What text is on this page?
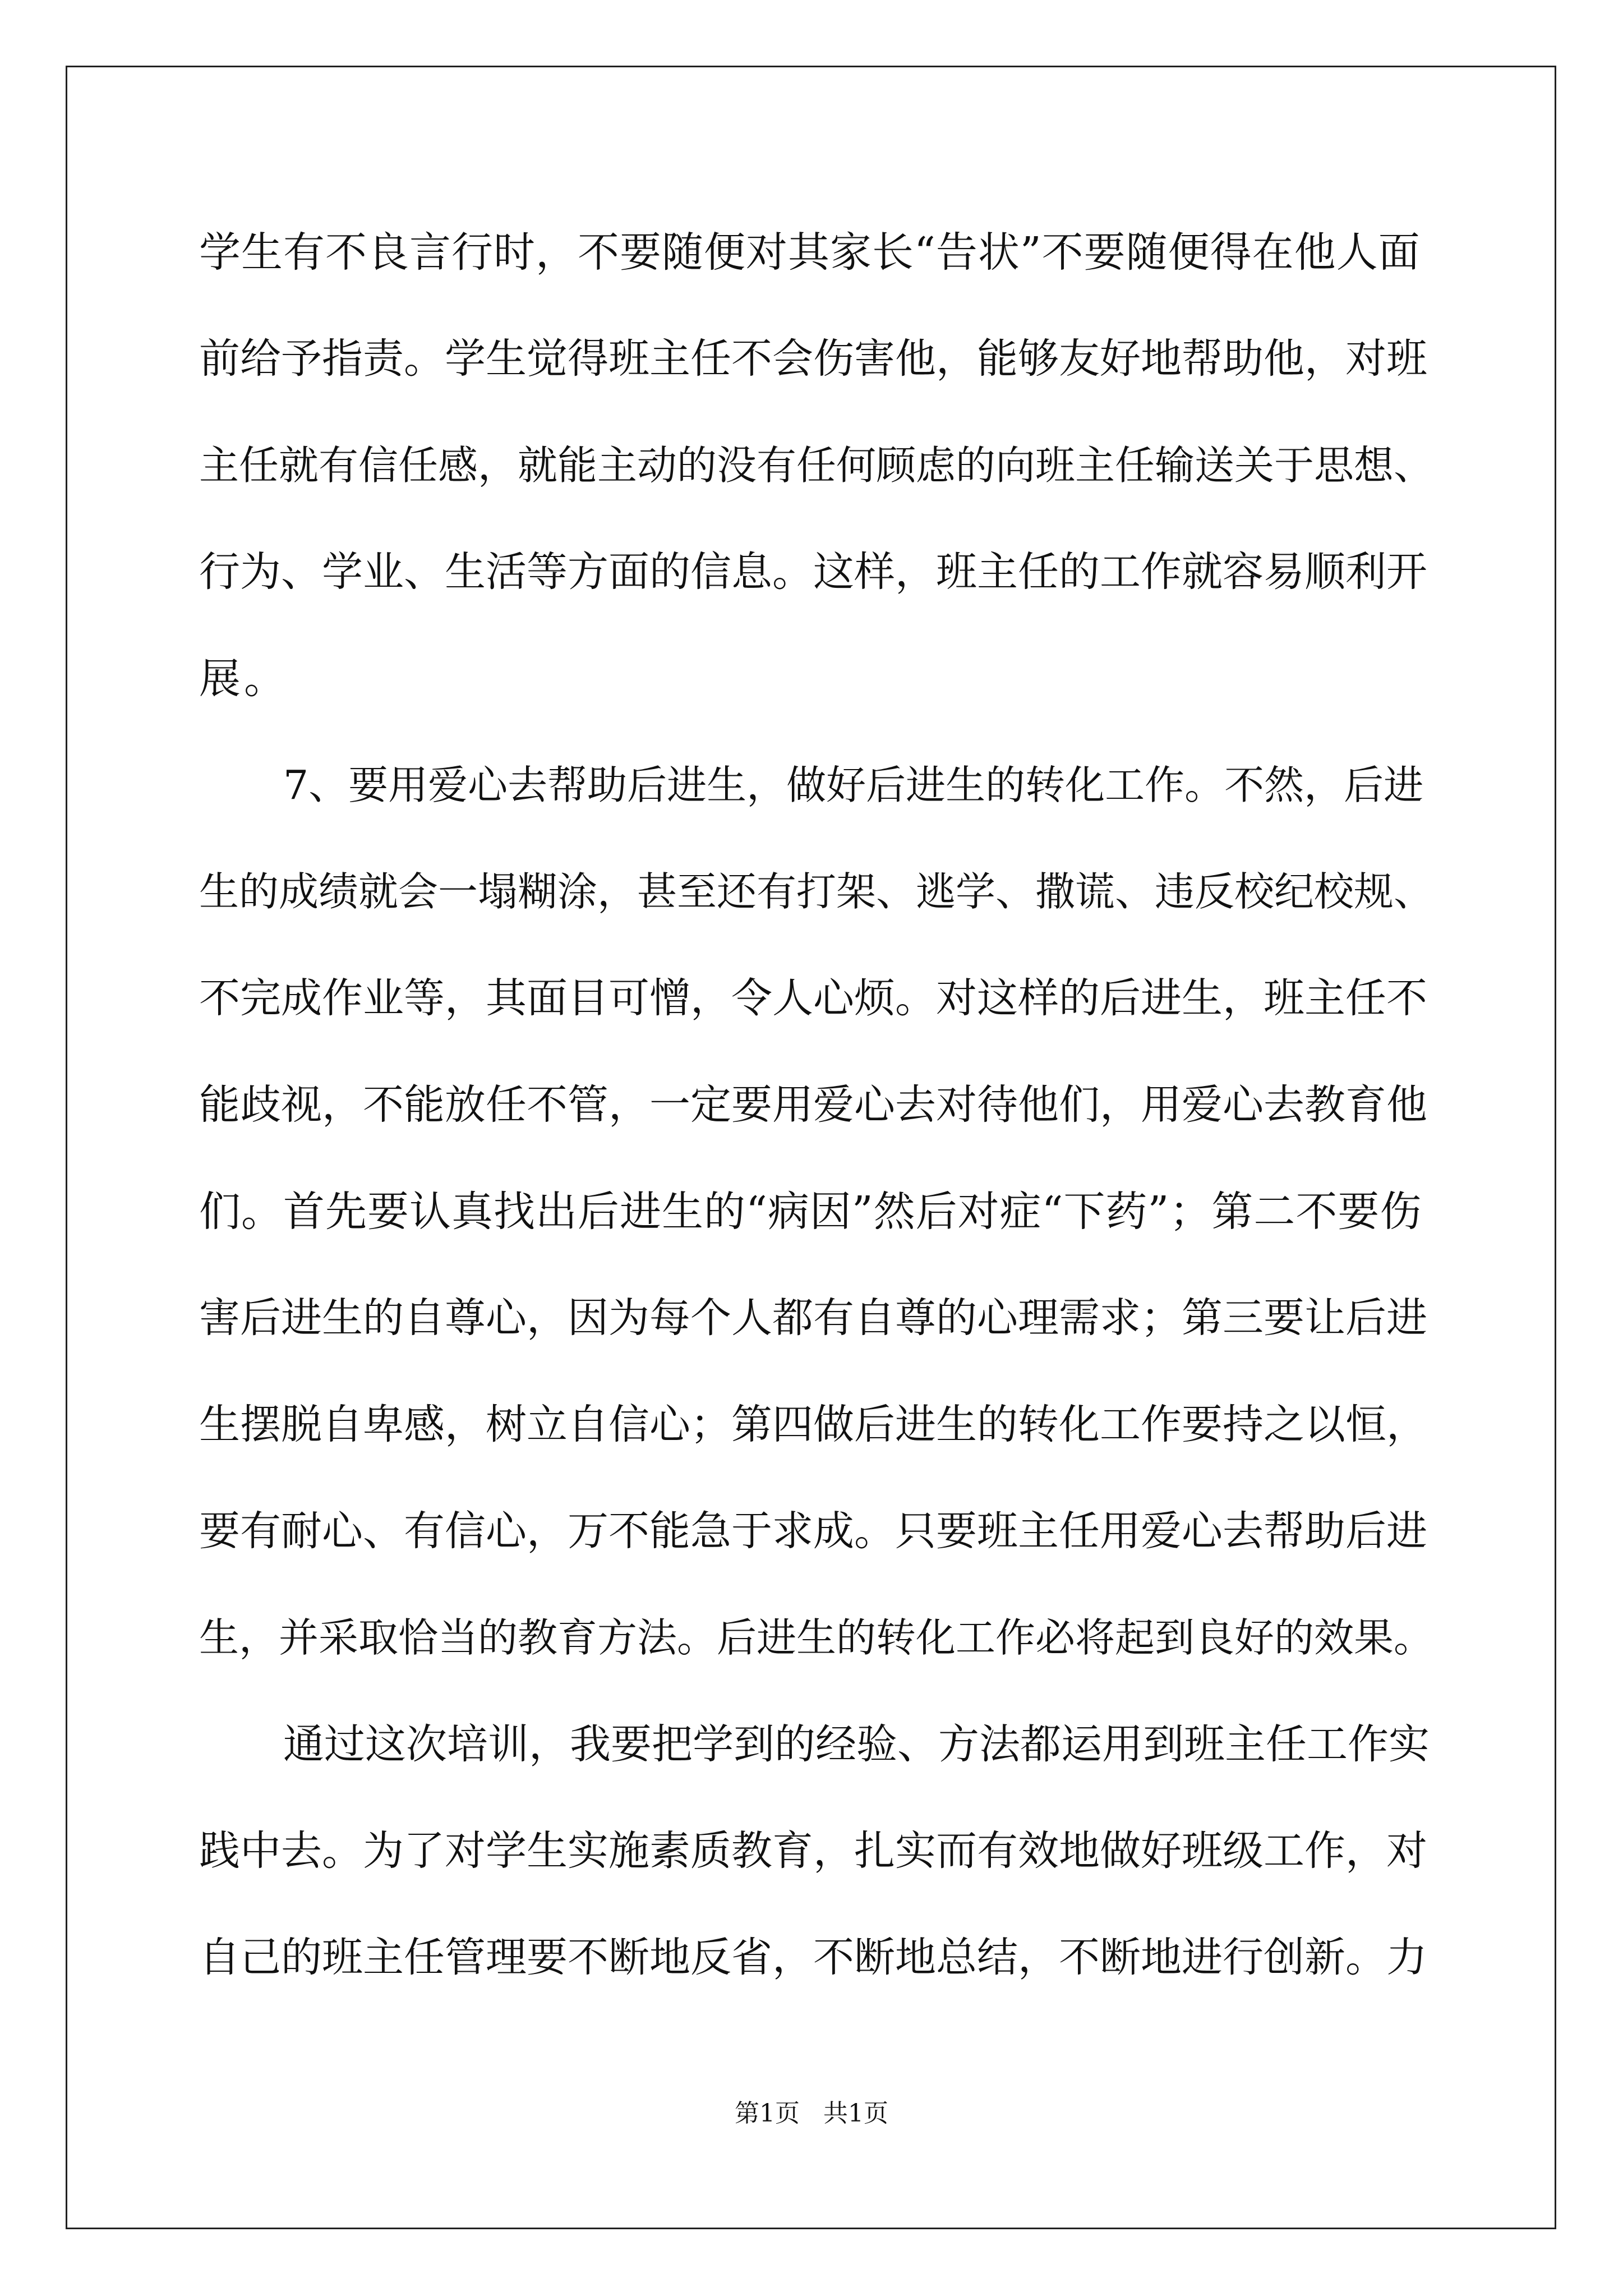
学生有不良言行时，不要随便对其家长“告状”不要随便得在他人面
前给予指责。学生觉得班主任不会伤害他，能够友好地帮助他，对班
主任就有信任感，就能主动的没有任何顾虑的向班主任输送关于思想、
行为、学业、生活等方面的信息。这样，班主任的工作就容易顺利开
展。
7、要用爱心去帮助后进生，做好后进生的转化工作。不然，后进
生的成绩就会一塌糊涂，甚至还有打架、逃学、撒谎、违反校纪校规、
不完成作业等，其面目可憎，令人心烦。对这样的后进生，班主任不
能歧视，不能放任不管，一定要用爱心去对待他们，用爱心去教育他
们。首先要认真找出后进生的“病因”然后对症“下药”；第二不要伤
害后进生的自尊心，因为每个人都有自尊的心理需求；第三要让后进
生摆脱自卑感，树立自信心；第四做后进生的转化工作要持之以恒，
要有耐心、有信心，万不能急于求成。只要班主任用爱心去帮助后进
生，并采取恰当的教育方法。后进生的转化工作必将起到良好的效果。
通过这次培训，我要把学到的经验、方法都运用到班主任工作实
践中去。为了对学生实施素质教育，扎实而有效地做好班级工作，对
自己的班主任管理要不断地反省，不断地总结，不断地进行创新。力
第1页   共1页
